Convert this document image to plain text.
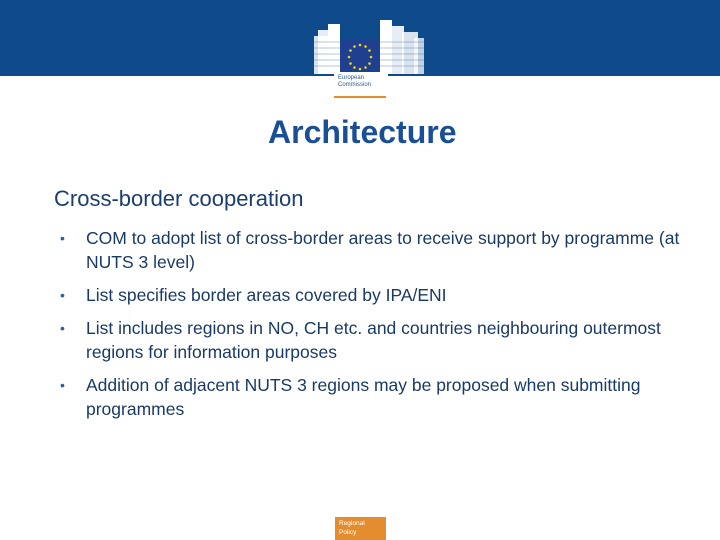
European
Commission
Architecture
Cross-border cooperation
• COM to adopt list of cross-border areas to receive support by programme (at NUTS 3 level)
• List specifies border areas covered by IPA/ENI
• List includes regions in NO, CH etc. and countries neighbouring outermost regions for information purposes
• Addition of adjacent NUTS 3 regions may be proposed when submitting programmes
Regional
Policy
